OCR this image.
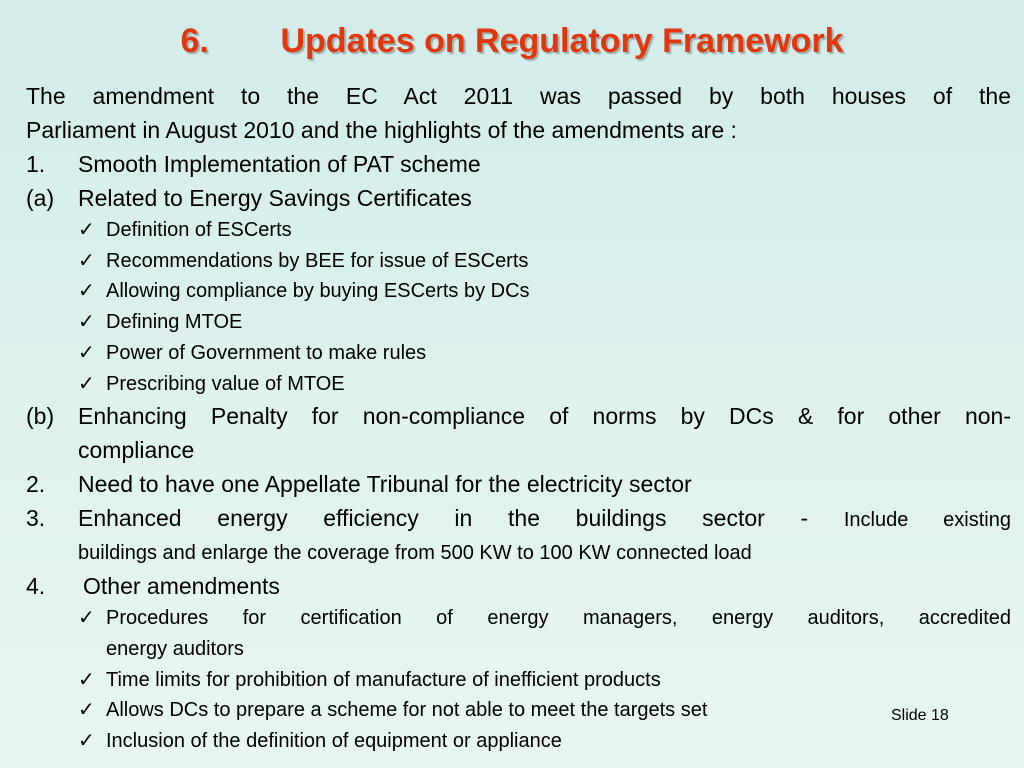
6. Updates on Regulatory Framework
The amendment to the EC Act 2011 was passed by both houses of the
Parliament in August 2010 and the highlights of the amendments are :
1.	Smooth Implementation of PAT scheme
(a)	Related to Energy Savings Certificates
✓ Definition of ESCerts
✓ Recommendations by BEE for issue of ESCerts
✓ Allowing compliance by buying ESCerts by DCs
✓ Defining MTOE
✓ Power of Government to make rules
✓ Prescribing value of MTOE
(b)	Enhancing Penalty for non-compliance of norms by DCs & for other non-
compliance
2.	Need to have one Appellate Tribunal for the electricity sector
3.	Enhanced energy efficiency in the buildings sector - Include existing
buildings and enlarge the coverage from 500 KW to 100 KW connected load
4.	Other amendments
✓ Procedures for certification of energy managers, energy auditors, accredited
energy auditors
✓ Time limits for prohibition of manufacture of inefficient products
✓ Allows DCs to prepare a scheme for not able to meet the targets set
✓ Inclusion of the definition of equipment or appliance
Slide 18
